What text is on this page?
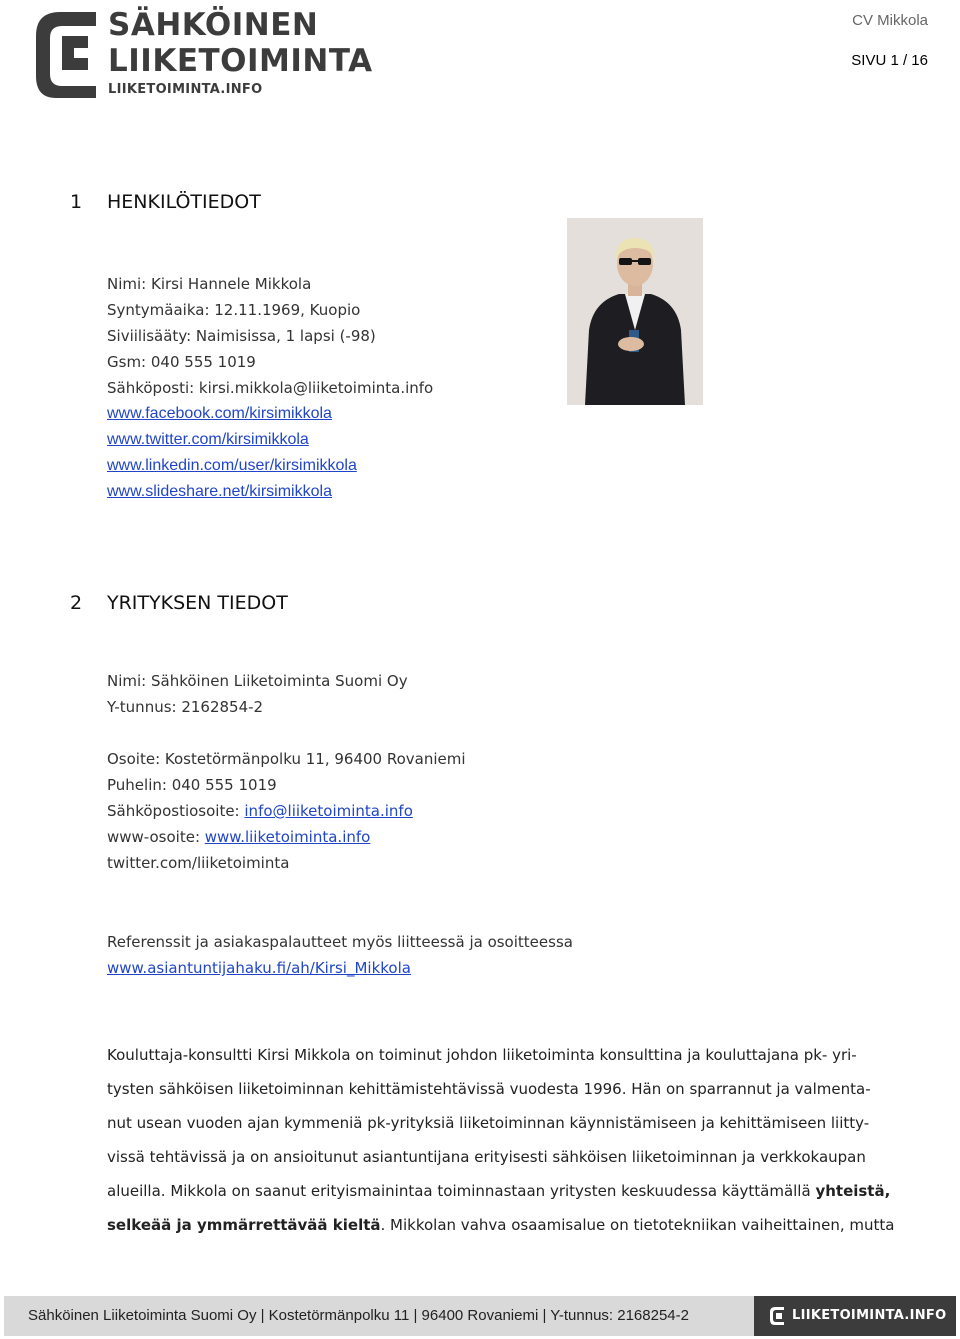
SÄHKÖINEN
LIIKETOIMINTA
LIIKETOIMINTA.INFO
CV Mikkola
SIVU 1 / 16
1 HENKILÖTIEDOT
Nimi: Kirsi Hannele Mikkola
Syntymäaika: 12.11.1969, Kuopio
Siviilisääty: Naimisissa, 1 lapsi (-98)
Gsm: 040 555 1019
Sähköposti: kirsi.mikkola@liiketoiminta.info
www.facebook.com/kirsimikkola
www.twitter.com/kirsimikkola
www.linkedin.com/user/kirsimikkola
www.slideshare.net/kirsimikkola
2 YRITYKSEN TIEDOT
Nimi: Sähköinen Liiketoiminta Suomi Oy
Y-tunnus: 2162854-2
Osoite: Kostetörmänpolku 11, 96400 Rovaniemi
Puhelin: 040 555 1019
Sähköpostiosoite: info@liiketoiminta.info
www-osoite: www.liiketoiminta.info
twitter.com/liiketoiminta
Referenssit ja asiakaspalautteet myös liitteessä ja osoitteessa
www.asiantuntijahaku.fi/ah/Kirsi_Mikkola

Kouluttaja-konsultti Kirsi Mikkola on toiminut johdon liiketoiminta konsulttina ja kouluttajana pk- yri-

tysten sähköisen liiketoiminnan kehittämistehtävissä vuodesta 1996. Hän on sparrannut ja valmenta-

nut usean vuoden ajan kymmeniä pk-yrityksiä liiketoiminnan käynnistämiseen ja kehittämiseen liitty-

vissä tehtävissä ja on ansioitunut asiantuntijana erityisesti sähköisen liiketoiminnan ja verkkokaupan

alueilla. Mikkola on saanut erityismainintaa toiminnastaan yritysten keskuudessa käyttämällä yhteistä,

selkeää ja ymmärrettävää kieltä. Mikkolan vahva osaamisalue on tietotekniikan vaiheittainen, mutta

Sähköinen Liiketoiminta Suomi Oy | Kostetörmänpolku 11 | 96400 Rovaniemi | Y-tunnus: 2168254-2	LIIKETOIMINTA.INFO
